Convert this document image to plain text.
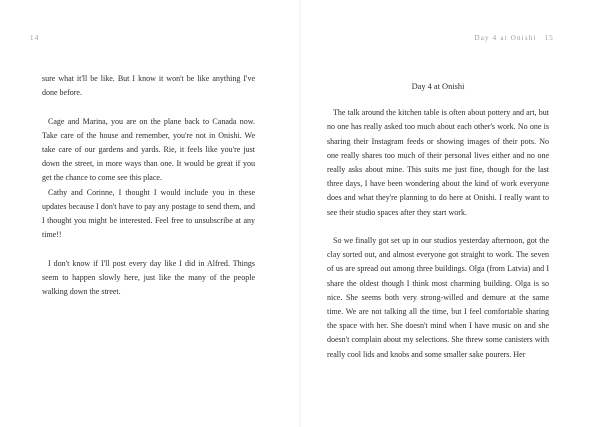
14

sure what it'll be like. But I know it won't be like anything I've done before.

Cage and Marina, you are on the plane back to Canada now. Take care of the house and remember, you're not in Onishi. We take care of our gardens and yards. Rie, it feels like you're just down the street, in more ways than one. It would be great if you get the chance to come see this place.

Cathy and Corinne, I thought I would include you in these updates because I don't have to pay any postage to send them, and I thought you might be interested. Feel free to unsubscribe at any time!!

I don't know if I'll post every day like I did in Alfred. Things seem to happen slowly here, just like the many of the people walking down the street.

Day 4 at Onishi 15
Day 4 at Onishi

The talk around the kitchen table is often about pottery and art, but no one has really asked too much about each other's work. No one is sharing their Instagram feeds or showing images of their pots. No one really shares too much of their personal lives either and no one really asks about mine. This suits me just fine, though for the last three days, I have been wondering about the kind of work everyone does and what they're planning to do here at Onishi. I really want to see their studio spaces after they start work.

So we finally got set up in our studios yesterday afternoon, got the clay sorted out, and almost everyone got straight to work. The seven of us are spread out among three buildings. Olga (from Latvia) and I share the oldest though I think most charming building. Olga is so nice. She seems both very strong-willed and demure at the same time. We are not talking all the time, but I feel comfortable sharing the space with her. She doesn't mind when I have music on and she doesn't complain about my selections. She threw some canisters with really cool lids and knobs and some smaller sake pourers. Her
